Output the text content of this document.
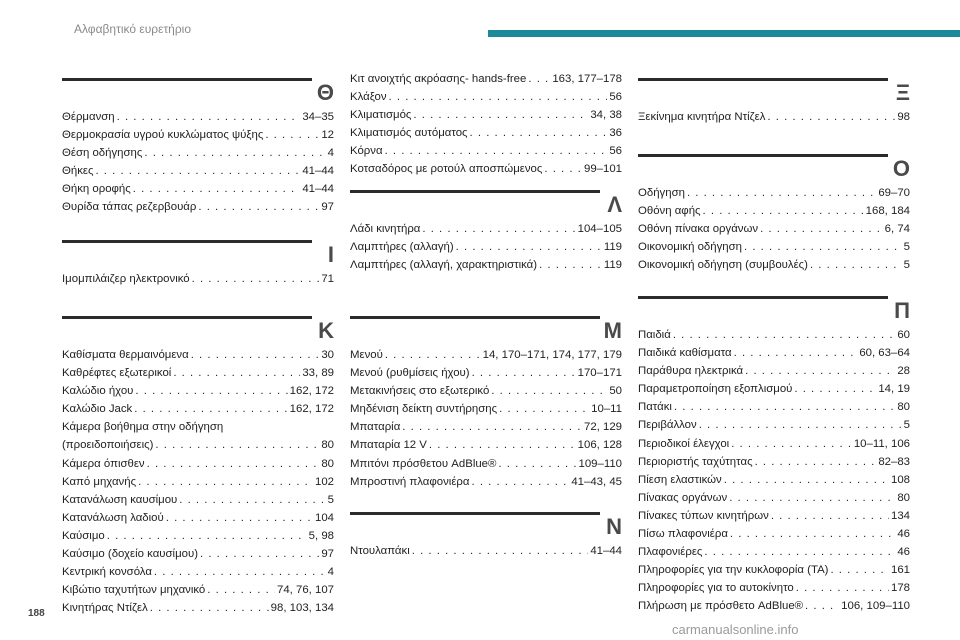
Αλφαβητικό ευρετήριο
Θ
Θέρμανση . . .	34–35
Θερμοκρασία υγρού κυκλώματος ψύξης . . .	12
Θέση οδήγησης . . .	4
Θήκες . . .	41–44
Θήκη οροφής . . .	41–44
Θυρίδα τάπας ρεζερβουάρ . . .	97
Ι
Ιμομπιλάιζερ ηλεκτρονικό . . .	71
Κ
Καθίσματα θερμαινόμενα . . .	30
Καθρέφτες εξωτερικοί . . .	33, 89
Καλώδιο ήχου . . .	162, 172
Καλώδιο Jack . . .	162, 172
Κάμερα βοήθημα στην οδήγηση
(προειδοποιήσεις) . . .	80
Κάμερα όπισθεν . . .	80
Καπό μηχανής . . .	102
Κατανάλωση καυσίμου . . .	5
Κατανάλωση λαδιού . . .	104
Καύσιμο . . .	5, 98
Καύσιμο (δοχείο καυσίμου) . . .	97
Κεντρική κονσόλα . . .	4
Κιβώτιο ταχυτήτων μηχανικό . . .	74, 76, 107
Κινητήρας Ντίζελ . . .	98, 103, 134
Κιτ ανοιχτής ακρόασης- hands-free . . . 163, 177–178
Κλάξον . . .	56
Κλιματισμός . . .	34, 38
Κλιματισμός αυτόματος . . .	36
Κόρνα . . .	56
Κοτσαδόρος με ροτούλ αποσπώμενος . . .	99–101
Λ
Λάδι κινητήρα . . .	104–105
Λαμπτήρες (αλλαγή) . . .	119
Λαμπτήρες (αλλαγή, χαρακτηριστικά) . . .	119
Μ
Μενού . . .	14, 170–171, 174, 177, 179
Μενού (ρυθμίσεις ήχου) . . .	170–171
Μετακινήσεις στο εξωτερικό . . .	50
Μηδένιση δείκτη συντήρησης . . .	10–11
Μπαταρία . . .	72, 129
Μπαταρία 12 V . . .	106, 128
Μπιτόνι πρόσθετου AdBlue® . . .	109–110
Μπροστινή πλαφονιέρα . . .	41–43, 45
Ν
Ντουλαπάκι . . .	41–44
Ξ
Ξεκίνημα κινητήρα Ντίζελ . . .	98
Ο
Οδήγηση . . .	69–70
Οθόνη αφής . . .	168, 184
Οθόνη πίνακα οργάνων . . .	6, 74
Οικονομική οδήγηση . . .	5
Οικονομική οδήγηση (συμβουλές) . . .	5
Π
Παιδιά . . .	60
Παιδικά καθίσματα . . .	60, 63–64
Παράθυρα ηλεκτρικά . . .	28
Παραμετροποίηση εξοπλισμού . . .	14, 19
Πατάκι . . .	80
Περιβάλλον . . .	5
Περιοδικοί έλεγχοι . . .	10–11, 106
Περιοριστής ταχύτητας . . .	82–83
Πίεση ελαστικών . . .	108
Πίνακας οργάνων . . .	80
Πίνακες τύπων κινητήρων . . .	134
Πίσω πλαφονιέρα . . .	46
Πλαφονιέρες . . .	46
Πληροφορίες για την κυκλοφορία (TA) . . .	161
Πληροφορίες για το αυτοκίνητο . . .	178
Πλήρωση με πρόσθετο AdBlue® . . .	106, 109–110
188
carmanualsonline.info
